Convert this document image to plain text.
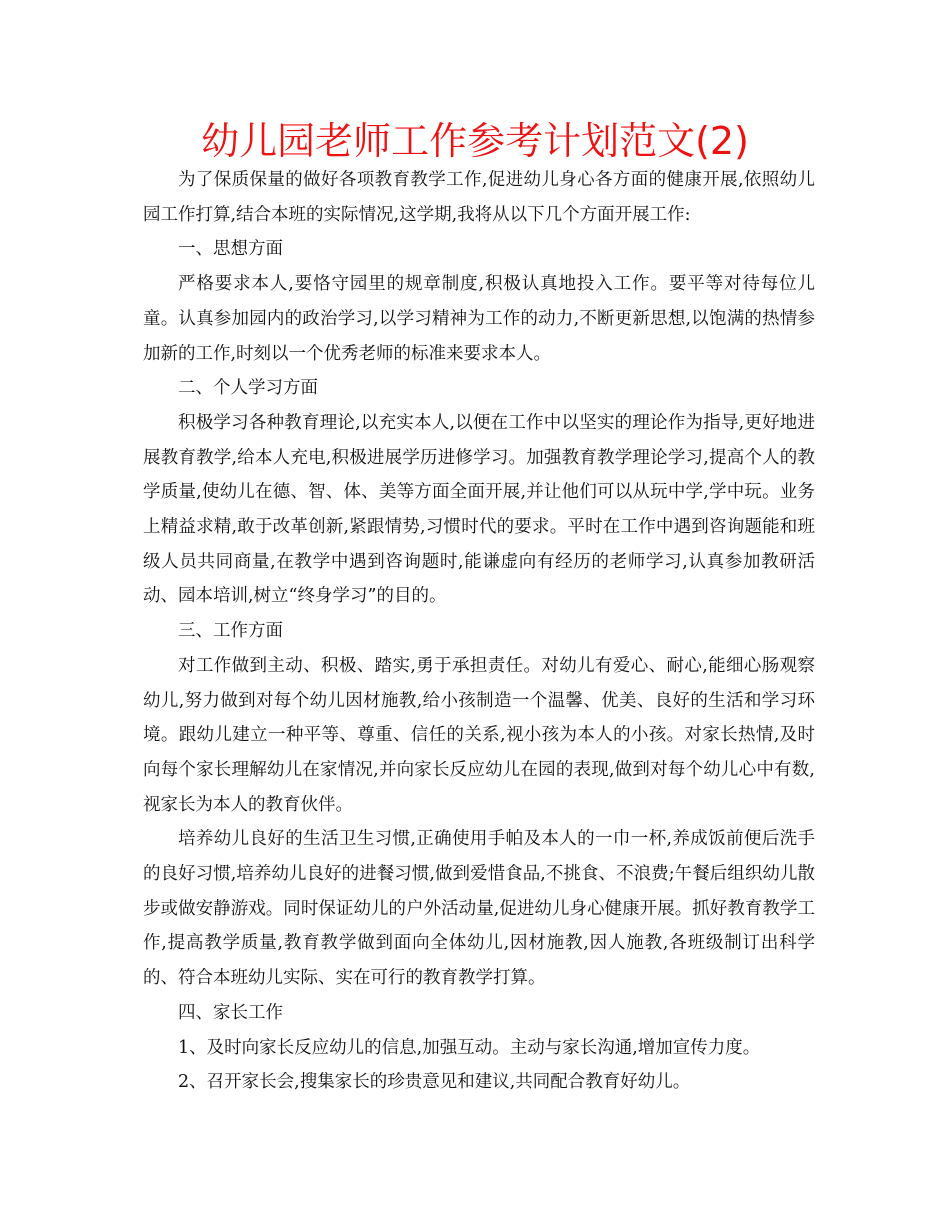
幼儿园老师工作参考计划范文(2)

为了保质保量的做好各项教育教学工作,促进幼儿身心各方面的健康开展,依照幼儿园工作打算,结合本班的实际情况,这学期,我将从以下几个方面开展工作:

一、思想方面

严格要求本人,要恪守园里的规章制度,积极认真地投入工作。要平等对待每位儿童。认真参加园内的政治学习,以学习精神为工作的动力,不断更新思想,以饱满的热情参加新的工作,时刻以一个优秀老师的标准来要求本人。

二、个人学习方面

积极学习各种教育理论,以充实本人,以便在工作中以坚实的理论作为指导,更好地进展教育教学,给本人充电,积极进展学历进修学习。加强教育教学理论学习,提高个人的教学质量,使幼儿在德、智、体、美等方面全面开展,并让他们可以从玩中学,学中玩。业务上精益求精,敢于改革创新,紧跟情势,习惯时代的要求。平时在工作中遇到咨询题能和班级人员共同商量,在教学中遇到咨询题时,能谦虚向有经历的老师学习,认真参加教研活动、园本培训,树立“终身学习”的目的。

三、工作方面

对工作做到主动、积极、踏实,勇于承担责任。对幼儿有爱心、耐心,能细心肠观察幼儿,努力做到对每个幼儿因材施教,给小孩制造一个温馨、优美、良好的生活和学习环境。跟幼儿建立一种平等、尊重、信任的关系,视小孩为本人的小孩。对家长热情,及时向每个家长理解幼儿在家情况,并向家长反应幼儿在园的表现,做到对每个幼儿心中有数,视家长为本人的教育伙伴。

培养幼儿良好的生活卫生习惯,正确使用手帕及本人的一巾一杯,养成饭前便后洗手的良好习惯,培养幼儿良好的进餐习惯,做到爱惜食品,不挑食、不浪费;午餐后组织幼儿散步或做安静游戏。同时保证幼儿的户外活动量,促进幼儿身心健康开展。抓好教育教学工作,提高教学质量,教育教学做到面向全体幼儿,因材施教,因人施教,各班级制订出科学的、符合本班幼儿实际、实在可行的教育教学打算。

四、家长工作

1、及时向家长反应幼儿的信息,加强互动。主动与家长沟通,增加宣传力度。

2、召开家长会,搜集家长的珍贵意见和建议,共同配合教育好幼儿。
